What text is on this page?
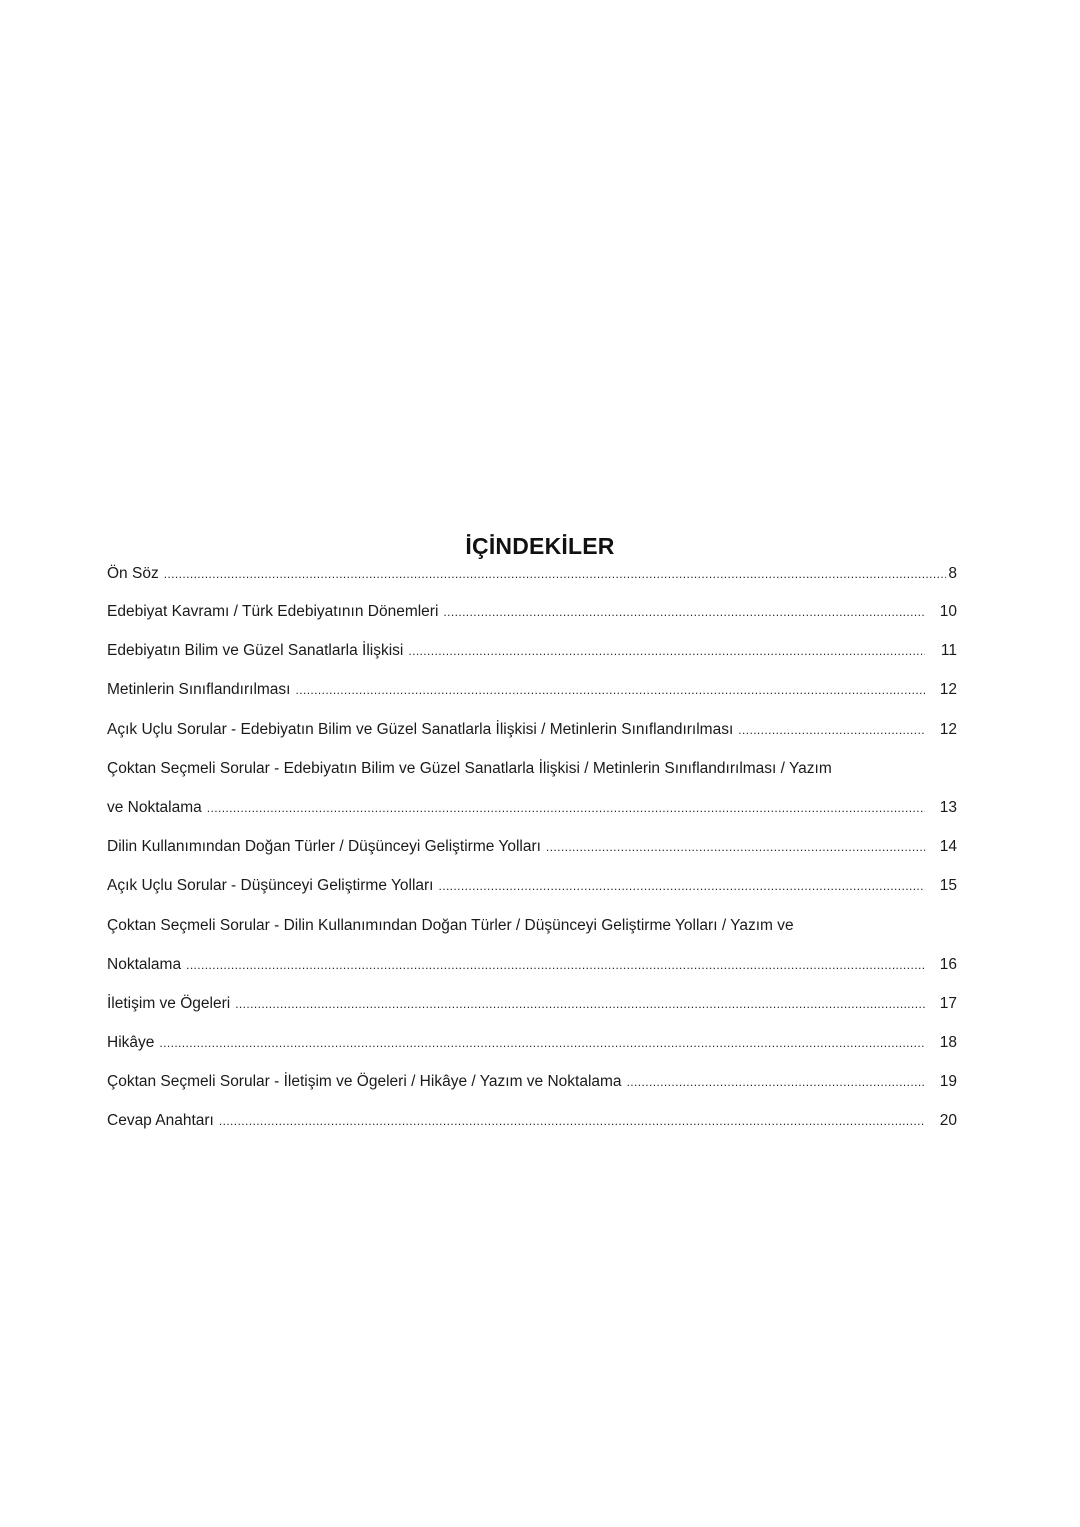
İÇİNDEKİLER
Ön Söz .....	8
Edebiyat Kavramı / Türk Edebiyatının Dönemleri .....	10
Edebiyatın Bilim ve Güzel Sanatlarla İlişkisi .....	11
Metinlerin Sınıflandırılması .....	12
Açık Uçlu Sorular - Edebiyatın Bilim ve Güzel Sanatlarla İlişkisi / Metinlerin Sınıflandırılması .....	12
Çoktan Seçmeli Sorular - Edebiyatın Bilim ve Güzel Sanatlarla İlişkisi / Metinlerin Sınıflandırılması / Yazım
ve Noktalama .....	13
Dilin Kullanımından Doğan Türler / Düşünceyi Geliştirme Yolları .....	14
Açık Uçlu Sorular - Düşünceyi Geliştirme Yolları .....	15
Çoktan Seçmeli Sorular - Dilin Kullanımından Doğan Türler / Düşünceyi Geliştirme Yolları / Yazım ve
Noktalama .....	16
İletişim ve Ögeleri .....	17
Hikâye .....	18
Çoktan Seçmeli Sorular - İletişim ve Ögeleri / Hikâye / Yazım ve Noktalama .....	19
Cevap Anahtarı .....	20
